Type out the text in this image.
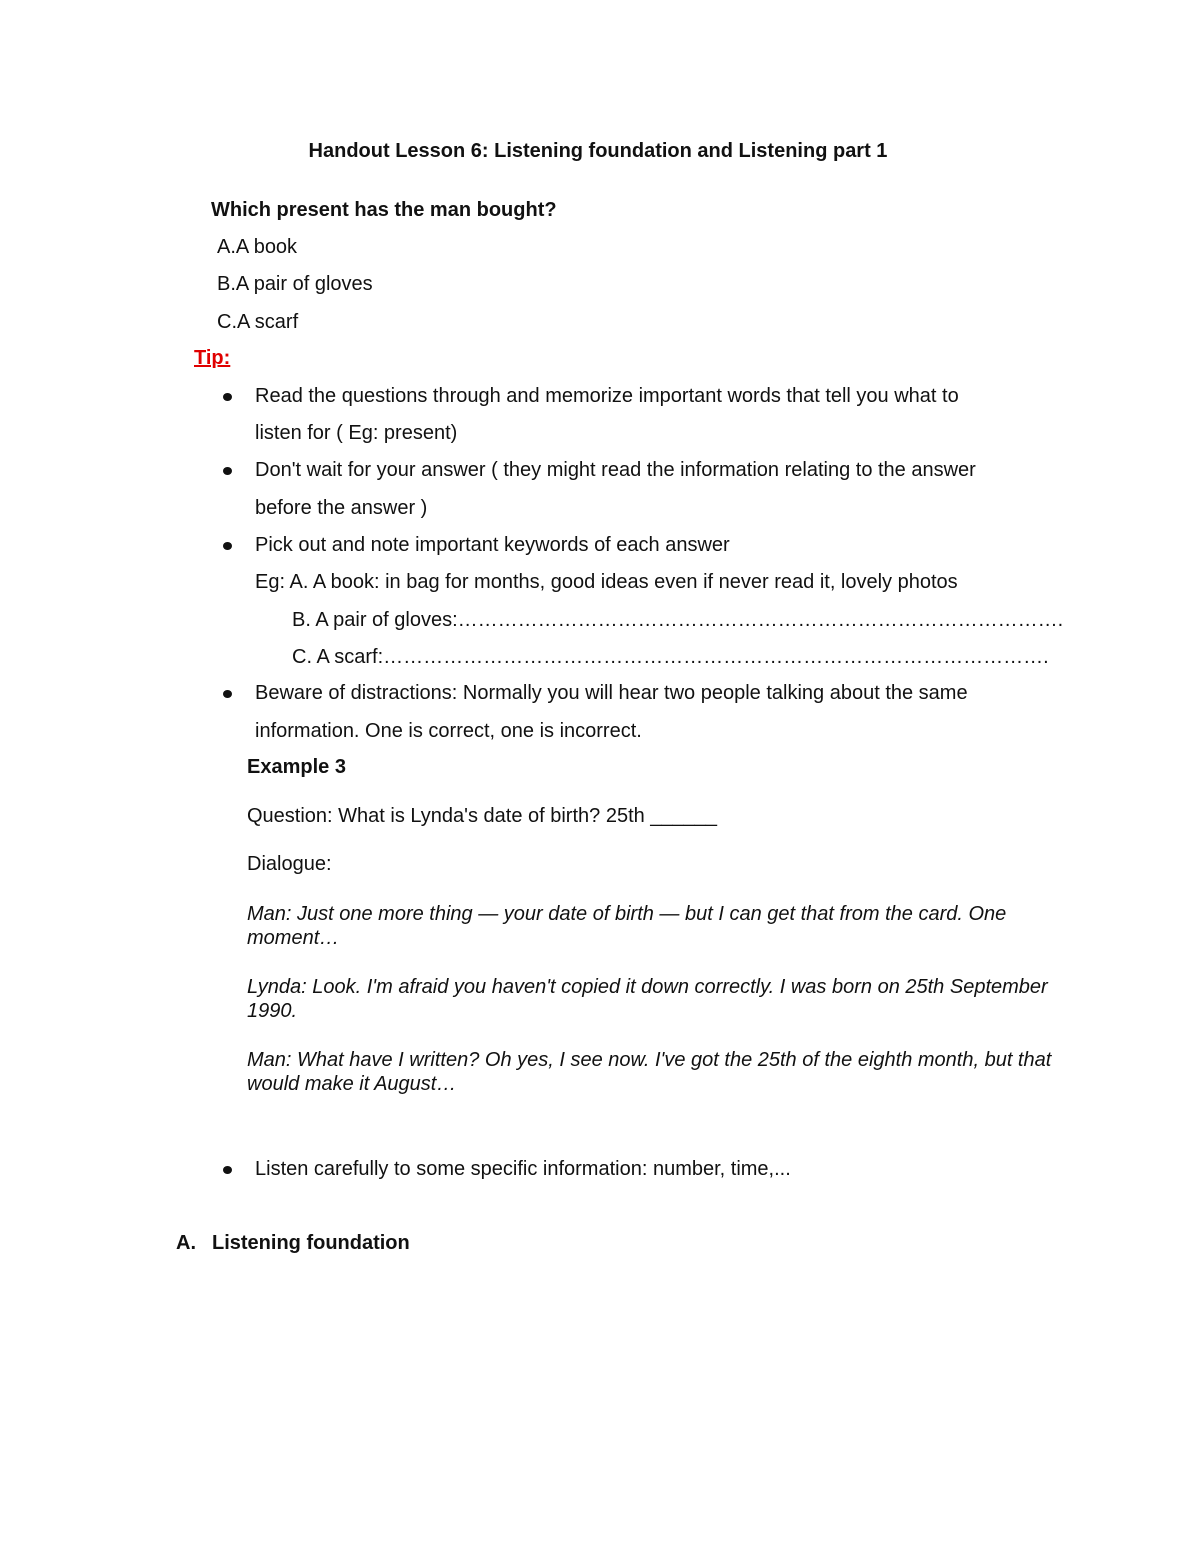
Handout Lesson 6: Listening foundation and Listening part 1
Which present has the man bought?
A.A book
B.A pair of gloves
C.A scarf
Tip:
Read the questions through and memorize important words that tell you what to
listen for ( Eg: present)
Don't wait for your answer ( they might read the information relating to the answer
before the answer )
Pick out and note important keywords of each answer
Eg: A. A book: in bag for months, good ideas even if never read it, lovely photos
B. A pair of gloves:……………………………………………………………………………….
C. A scarf:……………………………………………………………………………………….
Beware of distractions: Normally you will hear two people talking about the same
information. One is correct, one is incorrect.
Example 3
Question: What is Lynda's date of birth? 25th ______
Dialogue:
Man: Just one more thing — your date of birth — but I can get that from the card. One moment…
Lynda: Look. I'm afraid you haven't copied it down correctly. I was born on 25th September 1990.
Man: What have I written? Oh yes, I see now. I've got the 25th of the eighth month, but that would make it August…
Listen carefully to some specific information: number, time,...
A. Listening foundation
